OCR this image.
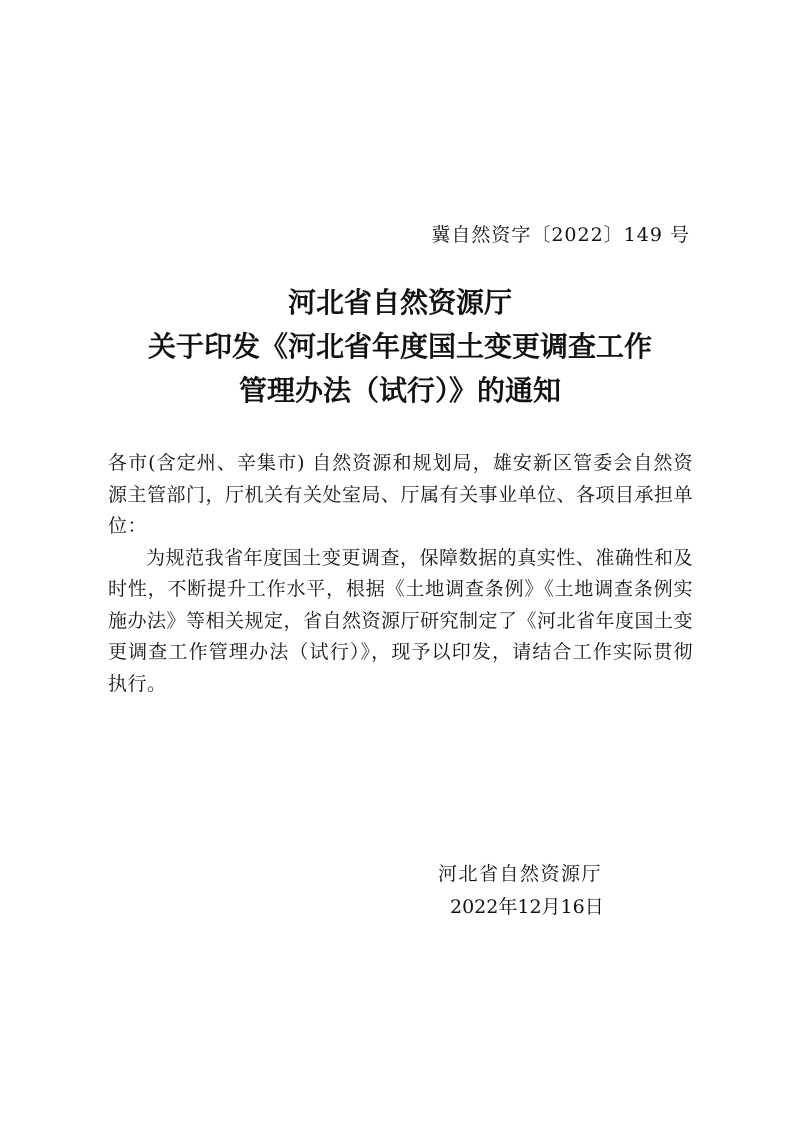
冀自然资字〔2022〕149 号
河北省自然资源厅
关于印发《河北省年度国土变更调查工作
管理办法（试行）》的通知

各市(含定州、辛集市) 自然资源和规划局，雄安新区管委会自然资源主管部门，厅机关有关处室局、厅属有关事业单位、各项目承担单位：

为规范我省年度国土变更调查，保障数据的真实性、准确性和及时性，不断提升工作水平，根据《土地调查条例》《土地调查条例实施办法》等相关规定，省自然资源厅研究制定了《河北省年度国土变更调查工作管理办法（试行）》，现予以印发，请结合工作实际贯彻执行。

河北省自然资源厅
2022年12月16日
